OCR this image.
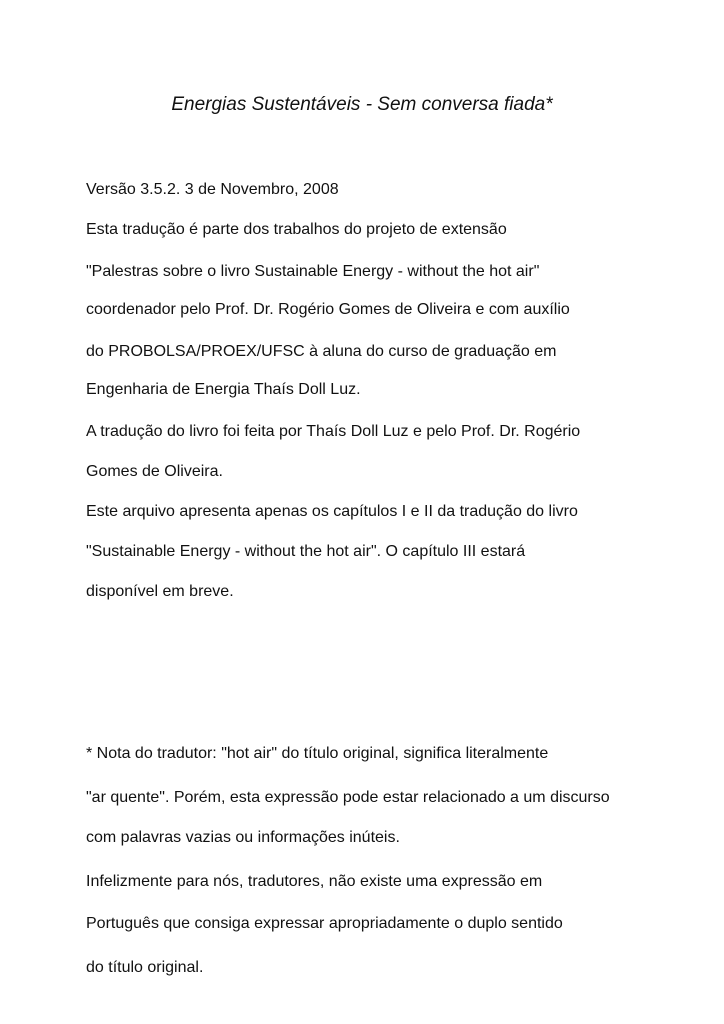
Energias Sustentáveis - Sem conversa fiada*
Versão 3.5.2. 3 de Novembro, 2008
Esta tradução é parte dos trabalhos do projeto de extensão
"Palestras sobre o livro Sustainable Energy - without the hot air"
coordenador pelo Prof. Dr. Rogério Gomes de Oliveira e com auxílio
do PROBOLSA/PROEX/UFSC à aluna do curso de graduação em
Engenharia de Energia Thaís Doll Luz.
A tradução do livro foi feita por Thaís Doll Luz e pelo Prof. Dr. Rogério
Gomes de Oliveira.
Este arquivo apresenta apenas os capítulos I e II da tradução do livro
"Sustainable Energy - without the hot air". O capítulo III estará
disponível em breve.
* Nota do tradutor: "hot air" do título original, significa literalmente
"ar quente". Porém, esta expressão pode estar relacionado a um discurso
com palavras vazias ou informações inúteis.
Infelizmente para nós, tradutores, não existe uma expressão em
Português que consiga expressar apropriadamente o duplo sentido
do título original.
